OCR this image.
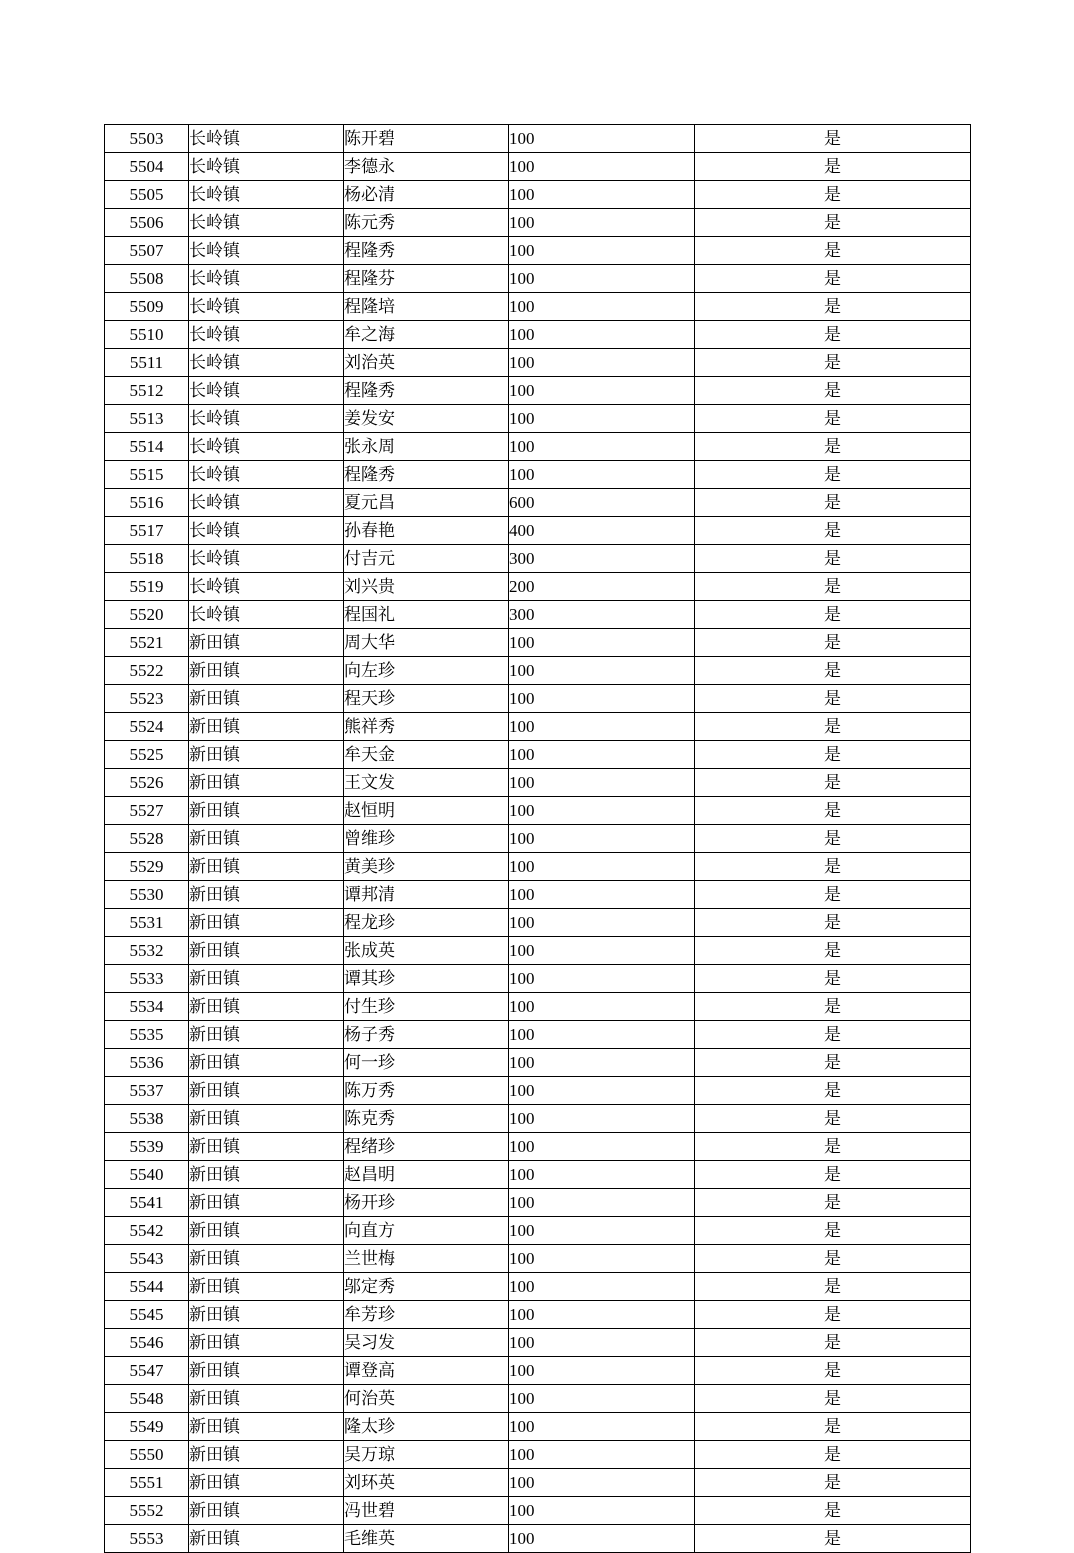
5503	长岭镇	陈开碧	100	是
5504	长岭镇	李德永	100	是
5505	长岭镇	杨必清	100	是
5506	长岭镇	陈元秀	100	是
5507	长岭镇	程隆秀	100	是
5508	长岭镇	程隆芬	100	是
5509	长岭镇	程隆培	100	是
5510	长岭镇	牟之海	100	是
5511	长岭镇	刘治英	100	是
5512	长岭镇	程隆秀	100	是
5513	长岭镇	姜发安	100	是
5514	长岭镇	张永周	100	是
5515	长岭镇	程隆秀	100	是
5516	长岭镇	夏元昌	600	是
5517	长岭镇	孙春艳	400	是
5518	长岭镇	付吉元	300	是
5519	长岭镇	刘兴贵	200	是
5520	长岭镇	程国礼	300	是
5521	新田镇	周大华	100	是
5522	新田镇	向左珍	100	是
5523	新田镇	程天珍	100	是
5524	新田镇	熊祥秀	100	是
5525	新田镇	牟天金	100	是
5526	新田镇	王文发	100	是
5527	新田镇	赵恒明	100	是
5528	新田镇	曾维珍	100	是
5529	新田镇	黄美珍	100	是
5530	新田镇	谭邦清	100	是
5531	新田镇	程龙珍	100	是
5532	新田镇	张成英	100	是
5533	新田镇	谭其珍	100	是
5534	新田镇	付生珍	100	是
5535	新田镇	杨子秀	100	是
5536	新田镇	何一珍	100	是
5537	新田镇	陈万秀	100	是
5538	新田镇	陈克秀	100	是
5539	新田镇	程绪珍	100	是
5540	新田镇	赵昌明	100	是
5541	新田镇	杨开珍	100	是
5542	新田镇	向直方	100	是
5543	新田镇	兰世梅	100	是
5544	新田镇	邬定秀	100	是
5545	新田镇	牟芳珍	100	是
5546	新田镇	吴习发	100	是
5547	新田镇	谭登高	100	是
5548	新田镇	何治英	100	是
5549	新田镇	隆太珍	100	是
5550	新田镇	吴万琼	100	是
5551	新田镇	刘环英	100	是
5552	新田镇	冯世碧	100	是
5553	新田镇	毛维英	100	是
